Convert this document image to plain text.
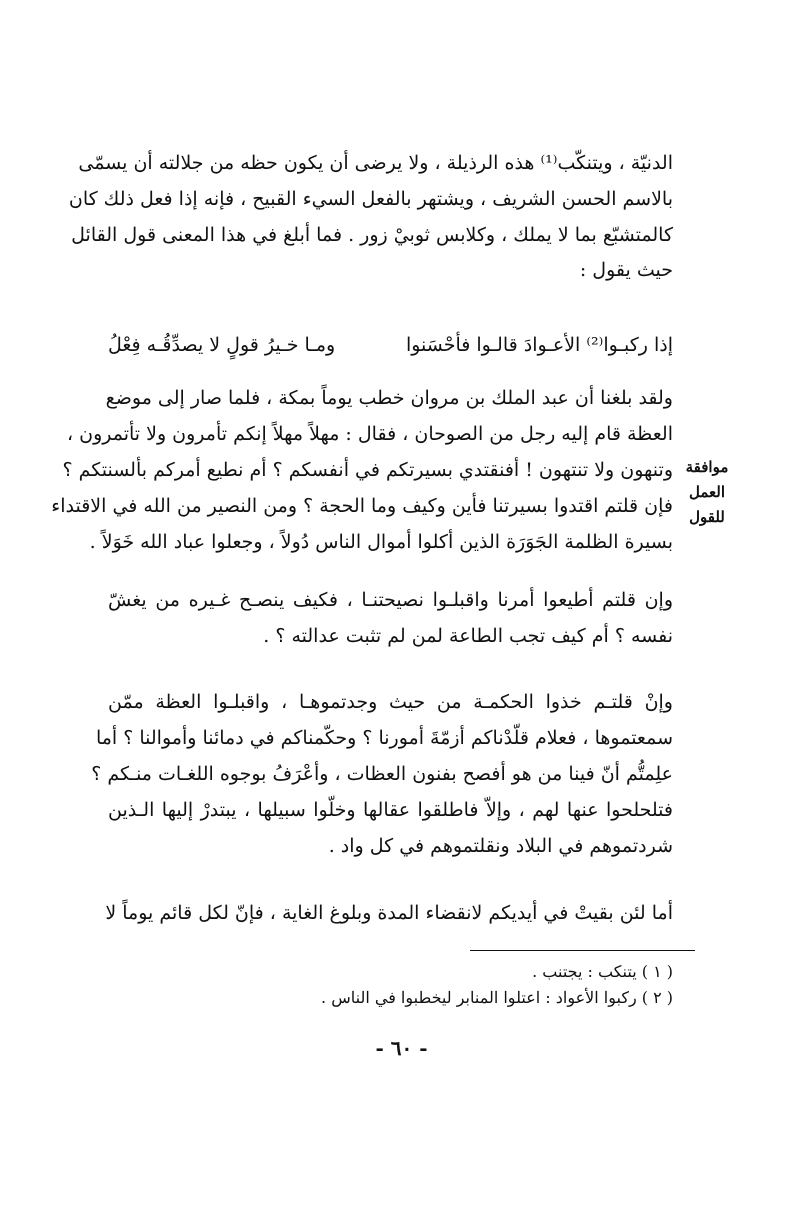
الدنيّة ، ويتنكّب⁽¹⁾ هذه الرذيلة ، ولا يرضى أن يكون حظه من جلالته أن يسمّى
بالاسم الحسن الشريف ، ويشتهر بالفعل السيء القبيح ، فإنه إذا فعل ذلك كان
كالمتشبّع بما لا يملك ، وكلابس ثوبيْ زور . فما أبلغ في هذا المعنى قول القائل
حيث يقول :
إذا ركبـوا⁽²⁾ الأعـوادَ قالـوا فأحْسَنوا
ومـا خـيرُ قولٍ لا يصدِّقُـه فِعْلُ
ولقد بلغنا أن عبد الملك بن مروان خطب يوماً بمكة ، فلما صار إلى موضع
العظة قام إليه رجل من الصوحان ، فقال : مهلاً مهلاً إنكم تأمرون ولا تأتمرون ،
وتنهون ولا تنتهون ! أفنقتدي بسيرتكم في أنفسكم ؟ أم نطيع أمركم بألسنتكم ؟
فإن قلتم اقتدوا بسيرتنا فأين وكيف وما الحجة ؟ ومن النصير من الله في الاقتداء
بسيرة الظلمة الجَوَرَة الذين أكلوا أموال الناس دُولاً ، وجعلوا عباد الله خَوَلاً .
موافقة
العمل
للقول
وإن قلتم أطيعوا أمرنا واقبلـوا نصيحتنـا ، فكيف ينصـح غـيره من يغشّ
نفسه ؟ أم كيف تجب الطاعة لمن لم تثبت عدالته ؟ .
وإنْ قلتـم خذوا الحكمـة من حيث وجدتموهـا ، واقبلـوا العظة ممّن
سمعتموها ، فعلام قلّدْناكم أزمّةَ أمورنا ؟ وحكّمناكم في دمائنا وأموالنا ؟ أما
علِمتُّم أنّ فينا من هو أفصح بفنون العظات ، وأعْرَفُ بوجوه اللغـات منـكم ؟
فتلحلحوا عنها لهم ، وإلاّ فاطلقوا عقالها وخلّوا سبيلها ، يبتدرْ إليها الـذين
شردتموهم في البلاد ونقلتموهم في كل واد .
أما لئن بقيتْ في أيديكم لانقضاء المدة وبلوغ الغاية ، فإنّ لكل قائم يوماً لا
( ١ ) يتنكب : يجتنب .
( ٢ ) ركبوا الأعواد : اعتلوا المنابر ليخطبوا في الناس .
- ٦٠ -
